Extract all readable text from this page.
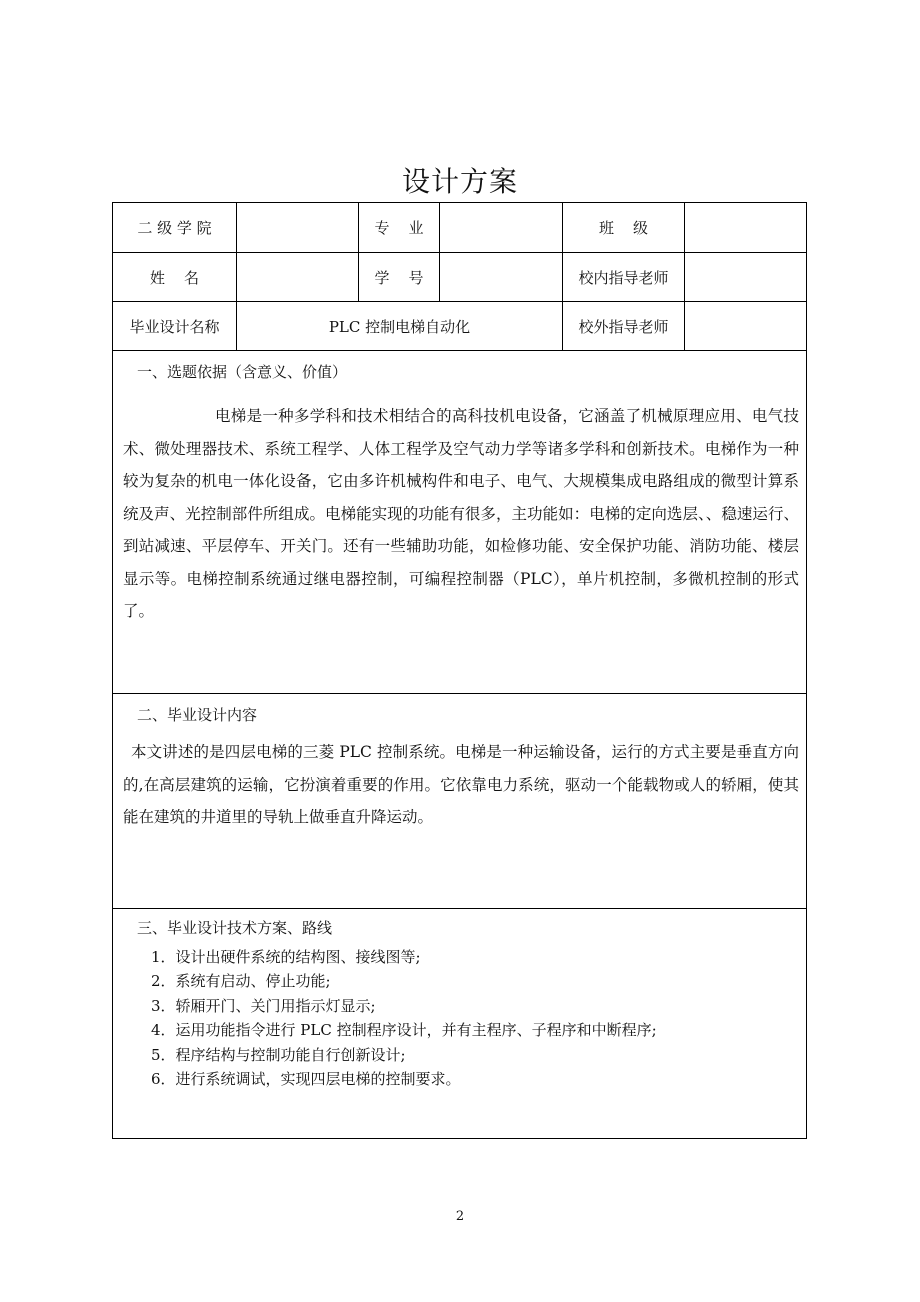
设计方案
二 级 学 院	专    业	班    级
姓    名	学    号	校内指导老师
毕业设计名称	PLC 控制电梯自动化	校外指导老师
一、选题依据（含意义、价值）
电梯是一种多学科和技术相结合的高科技机电设备，它涵盖了机械原理应用、电气技术、微处理器技术、系统工程学、人体工程学及空气动力学等诸多学科和创新技术。电梯作为一种较为复杂的机电一体化设备，它由多许机械构件和电子、电气、大规模集成电路组成的微型计算系统及声、光控制部件所组成。电梯能实现的功能有很多，主功能如：电梯的定向选层、、稳速运行、到站减速、平层停车、开关门。还有一些辅助功能，如检修功能、安全保护功能、消防功能、楼层显示等。电梯控制系统通过继电器控制，可编程控制器（PLC），单片机控制，多微机控制的形式了。
二、毕业设计内容
本文讲述的是四层电梯的三菱 PLC 控制系统。电梯是一种运输设备，运行的方式主要是垂直方向的,在高层建筑的运输，它扮演着重要的作用。它依靠电力系统，驱动一个能载物或人的轿厢，使其能在建筑的井道里的导轨上做垂直升降运动。
三、毕业设计技术方案、路线
1．设计出硬件系统的结构图、接线图等;
2．系统有启动、停止功能;
3．轿厢开门、关门用指示灯显示;
4．运用功能指令进行 PLC 控制程序设计，并有主程序、子程序和中断程序;
5．程序结构与控制功能自行创新设计;
6．进行系统调试，实现四层电梯的控制要求。
2
